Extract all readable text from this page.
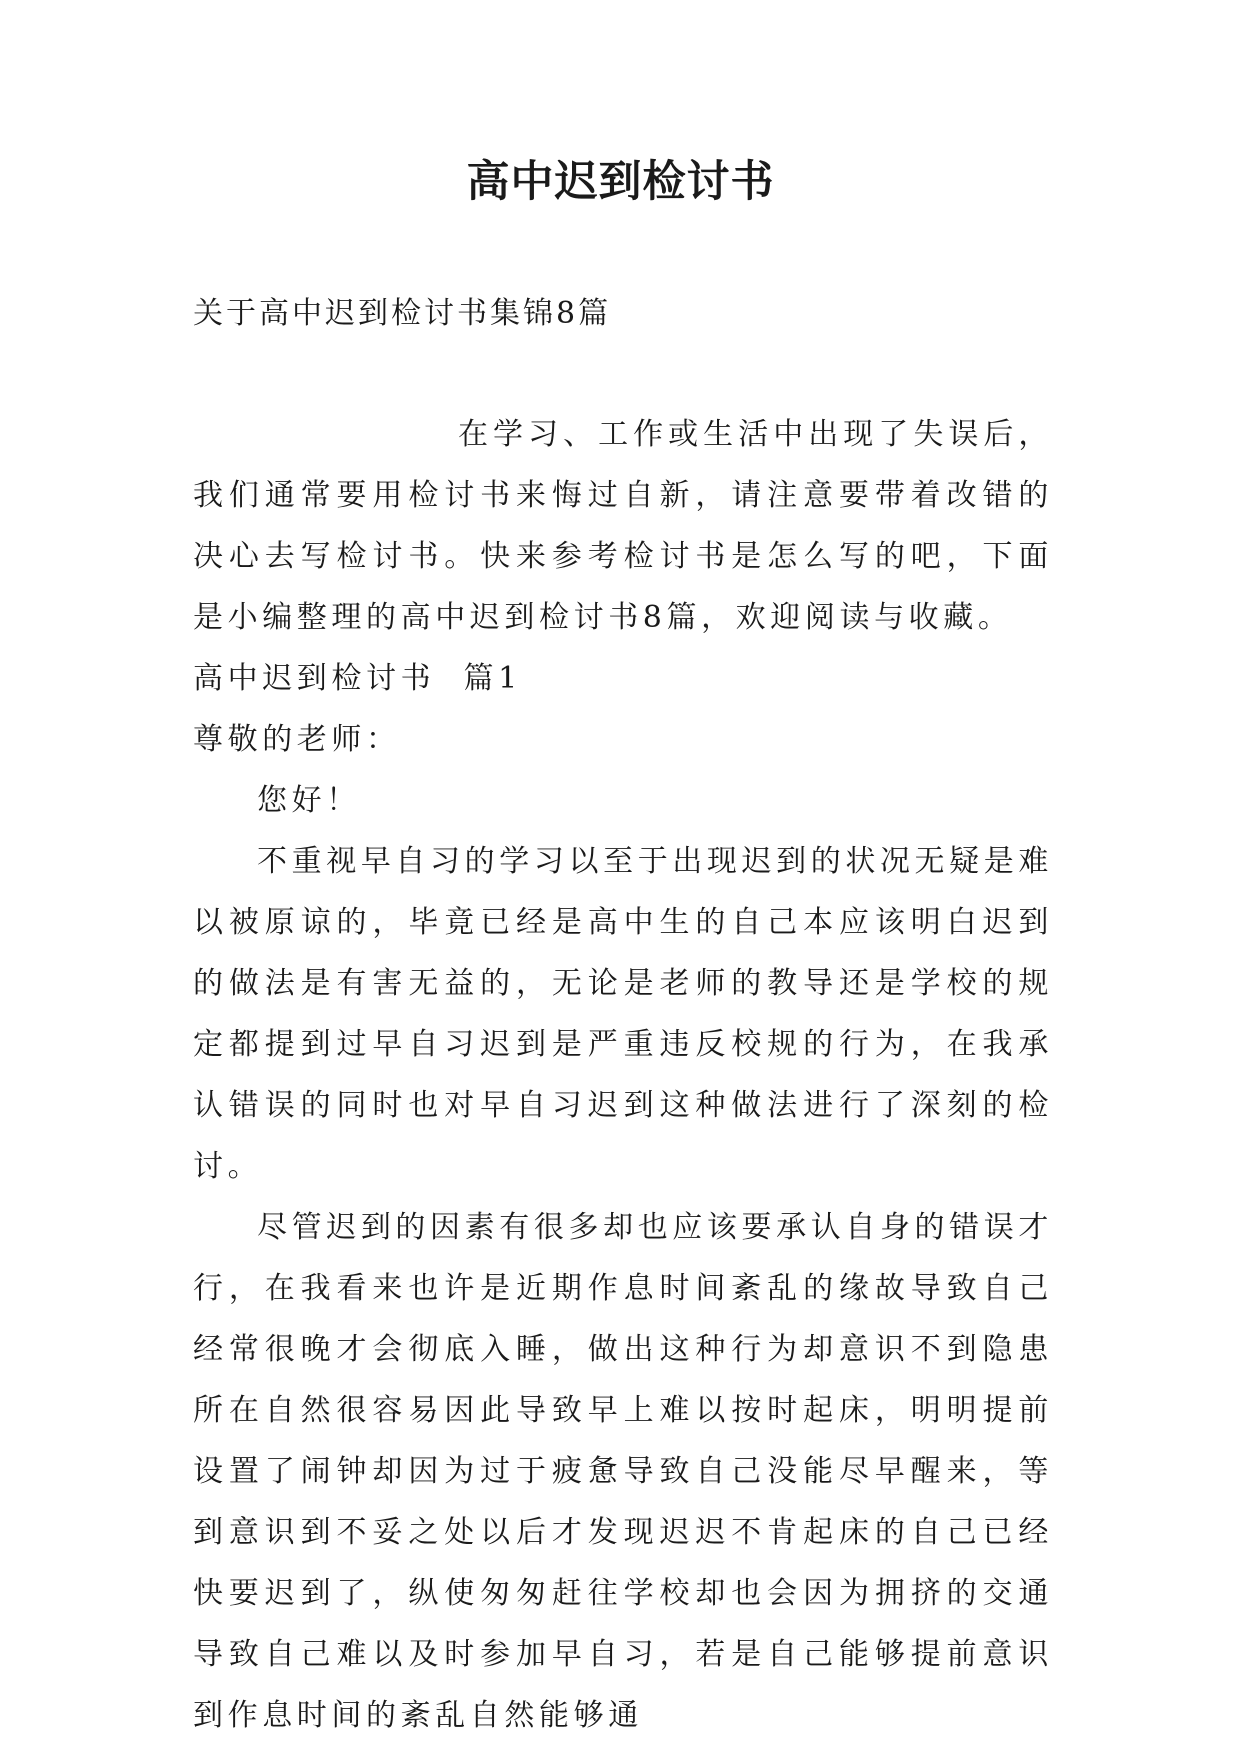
高中迟到检讨书

关于高中迟到检讨书集锦8篇

在学习、工作或生活中出现了失误后，我们通常要用检讨书来悔过自新，请注意要带着改错的决心去写检讨书。快来参考检讨书是怎么写的吧，下面是小编整理的高中迟到检讨书8篇，欢迎阅读与收藏。

高中迟到检讨书  篇1

尊敬的老师：

您好！

不重视早自习的学习以至于出现迟到的状况无疑是难以被原谅的，毕竟已经是高中生的自己本应该明白迟到的做法是有害无益的，无论是老师的教导还是学校的规定都提到过早自习迟到是严重违反校规的行为，在我承认错误的同时也对早自习迟到这种做法进行了深刻的检讨。

尽管迟到的因素有很多却也应该要承认自身的错误才行，在我看来也许是近期作息时间紊乱的缘故导致自己经常很晚才会彻底入睡，做出这种行为却意识不到隐患所在自然很容易因此导致早上难以按时起床，明明提前设置了闹钟却因为过于疲惫导致自己没能尽早醒来，等到意识到不妥之处以后才发现迟迟不肯起床的自己已经快要迟到了，纵使匆匆赶往学校却也会因为拥挤的交通导致自己难以及时参加早自习，若是自己能够提前意识到作息时间的紊乱自然能够通
